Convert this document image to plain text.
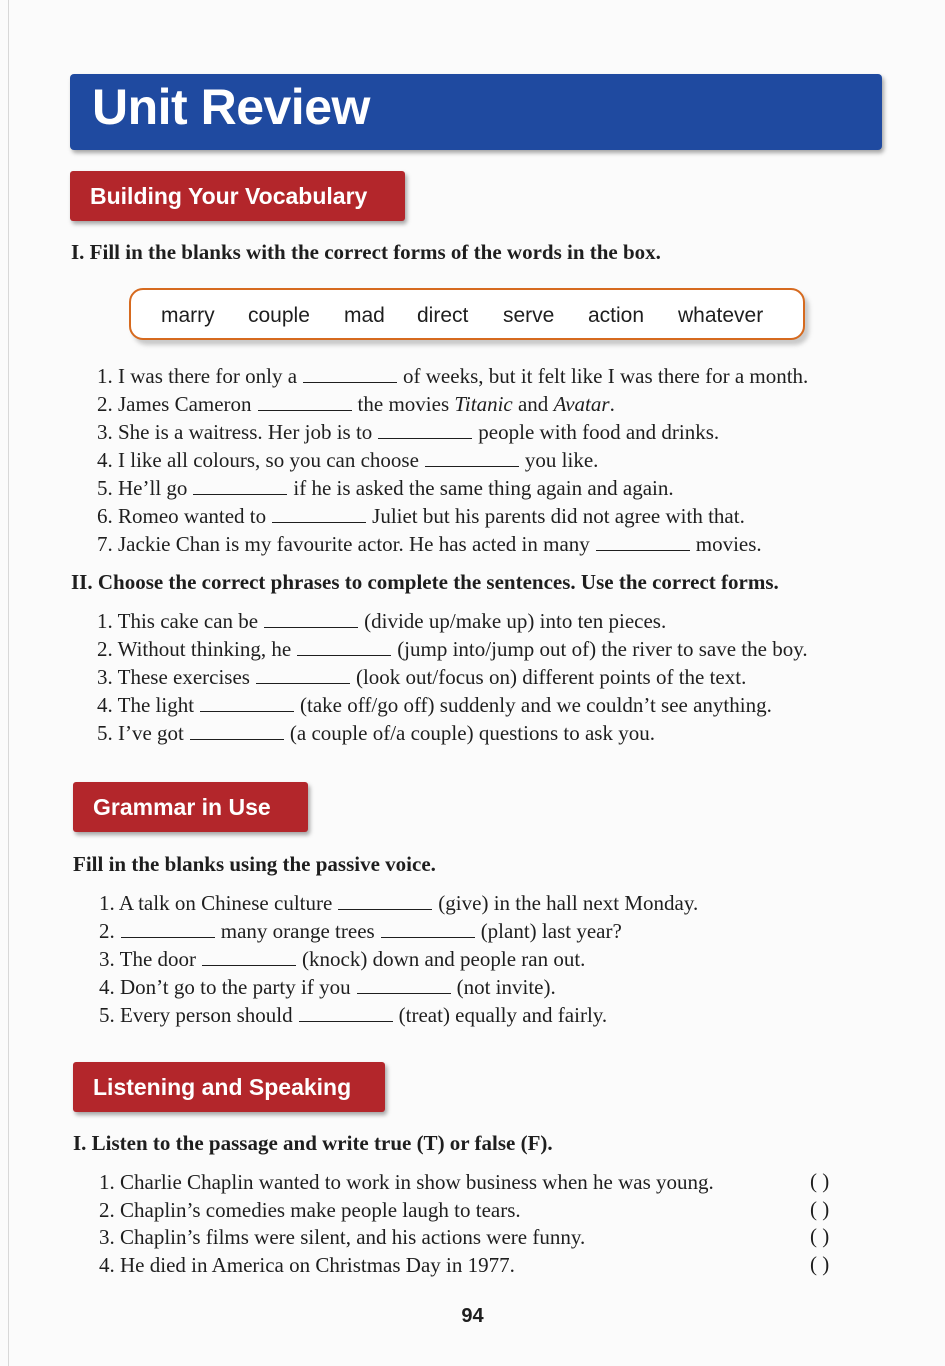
Unit Review
Building Your Vocabulary
I. Fill in the blanks with the correct forms of the words in the box.
marry couple mad direct serve action whatever
1. I was there for only a	of weeks, but it felt like I was there for a month.
2. James Cameron	the movies Titanic and Avatar.
3. She is a waitress. Her job is to	people with food and drinks.
4. I like all colours, so you can choose	you like.
5. He’ll go	if he is asked the same thing again and again.
6. Romeo wanted to	Juliet but his parents did not agree with that.
7. Jackie Chan is my favourite actor. He has acted in many	movies.
II. Choose the correct phrases to complete the sentences. Use the correct forms.
1. This cake can be	(divide up/make up) into ten pieces.
2. Without thinking, he	(jump into/jump out of) the river to save the boy.
3. These exercises	(look out/focus on) different points of the text.
4. The light	(take off/go off) suddenly and we couldn’t see anything.
5. I’ve got	(a couple of/a couple) questions to ask you.
Grammar in Use
Fill in the blanks using the passive voice.
1. A talk on Chinese culture	(give) in the hall next Monday.
2.	many orange trees	(plant) last year?
3. The door	(knock) down and people ran out.
4. Don’t go to the party if you	(not invite).
5. Every person should	(treat) equally and fairly.
Listening and Speaking
I. Listen to the passage and write true (T) or false (F).
1. Charlie Chaplin wanted to work in show business when he was young.	( )
2. Chaplin’s comedies make people laugh to tears.	( )
3. Chaplin’s films were silent, and his actions were funny.	( )
4. He died in America on Christmas Day in 1977.	( )
94
